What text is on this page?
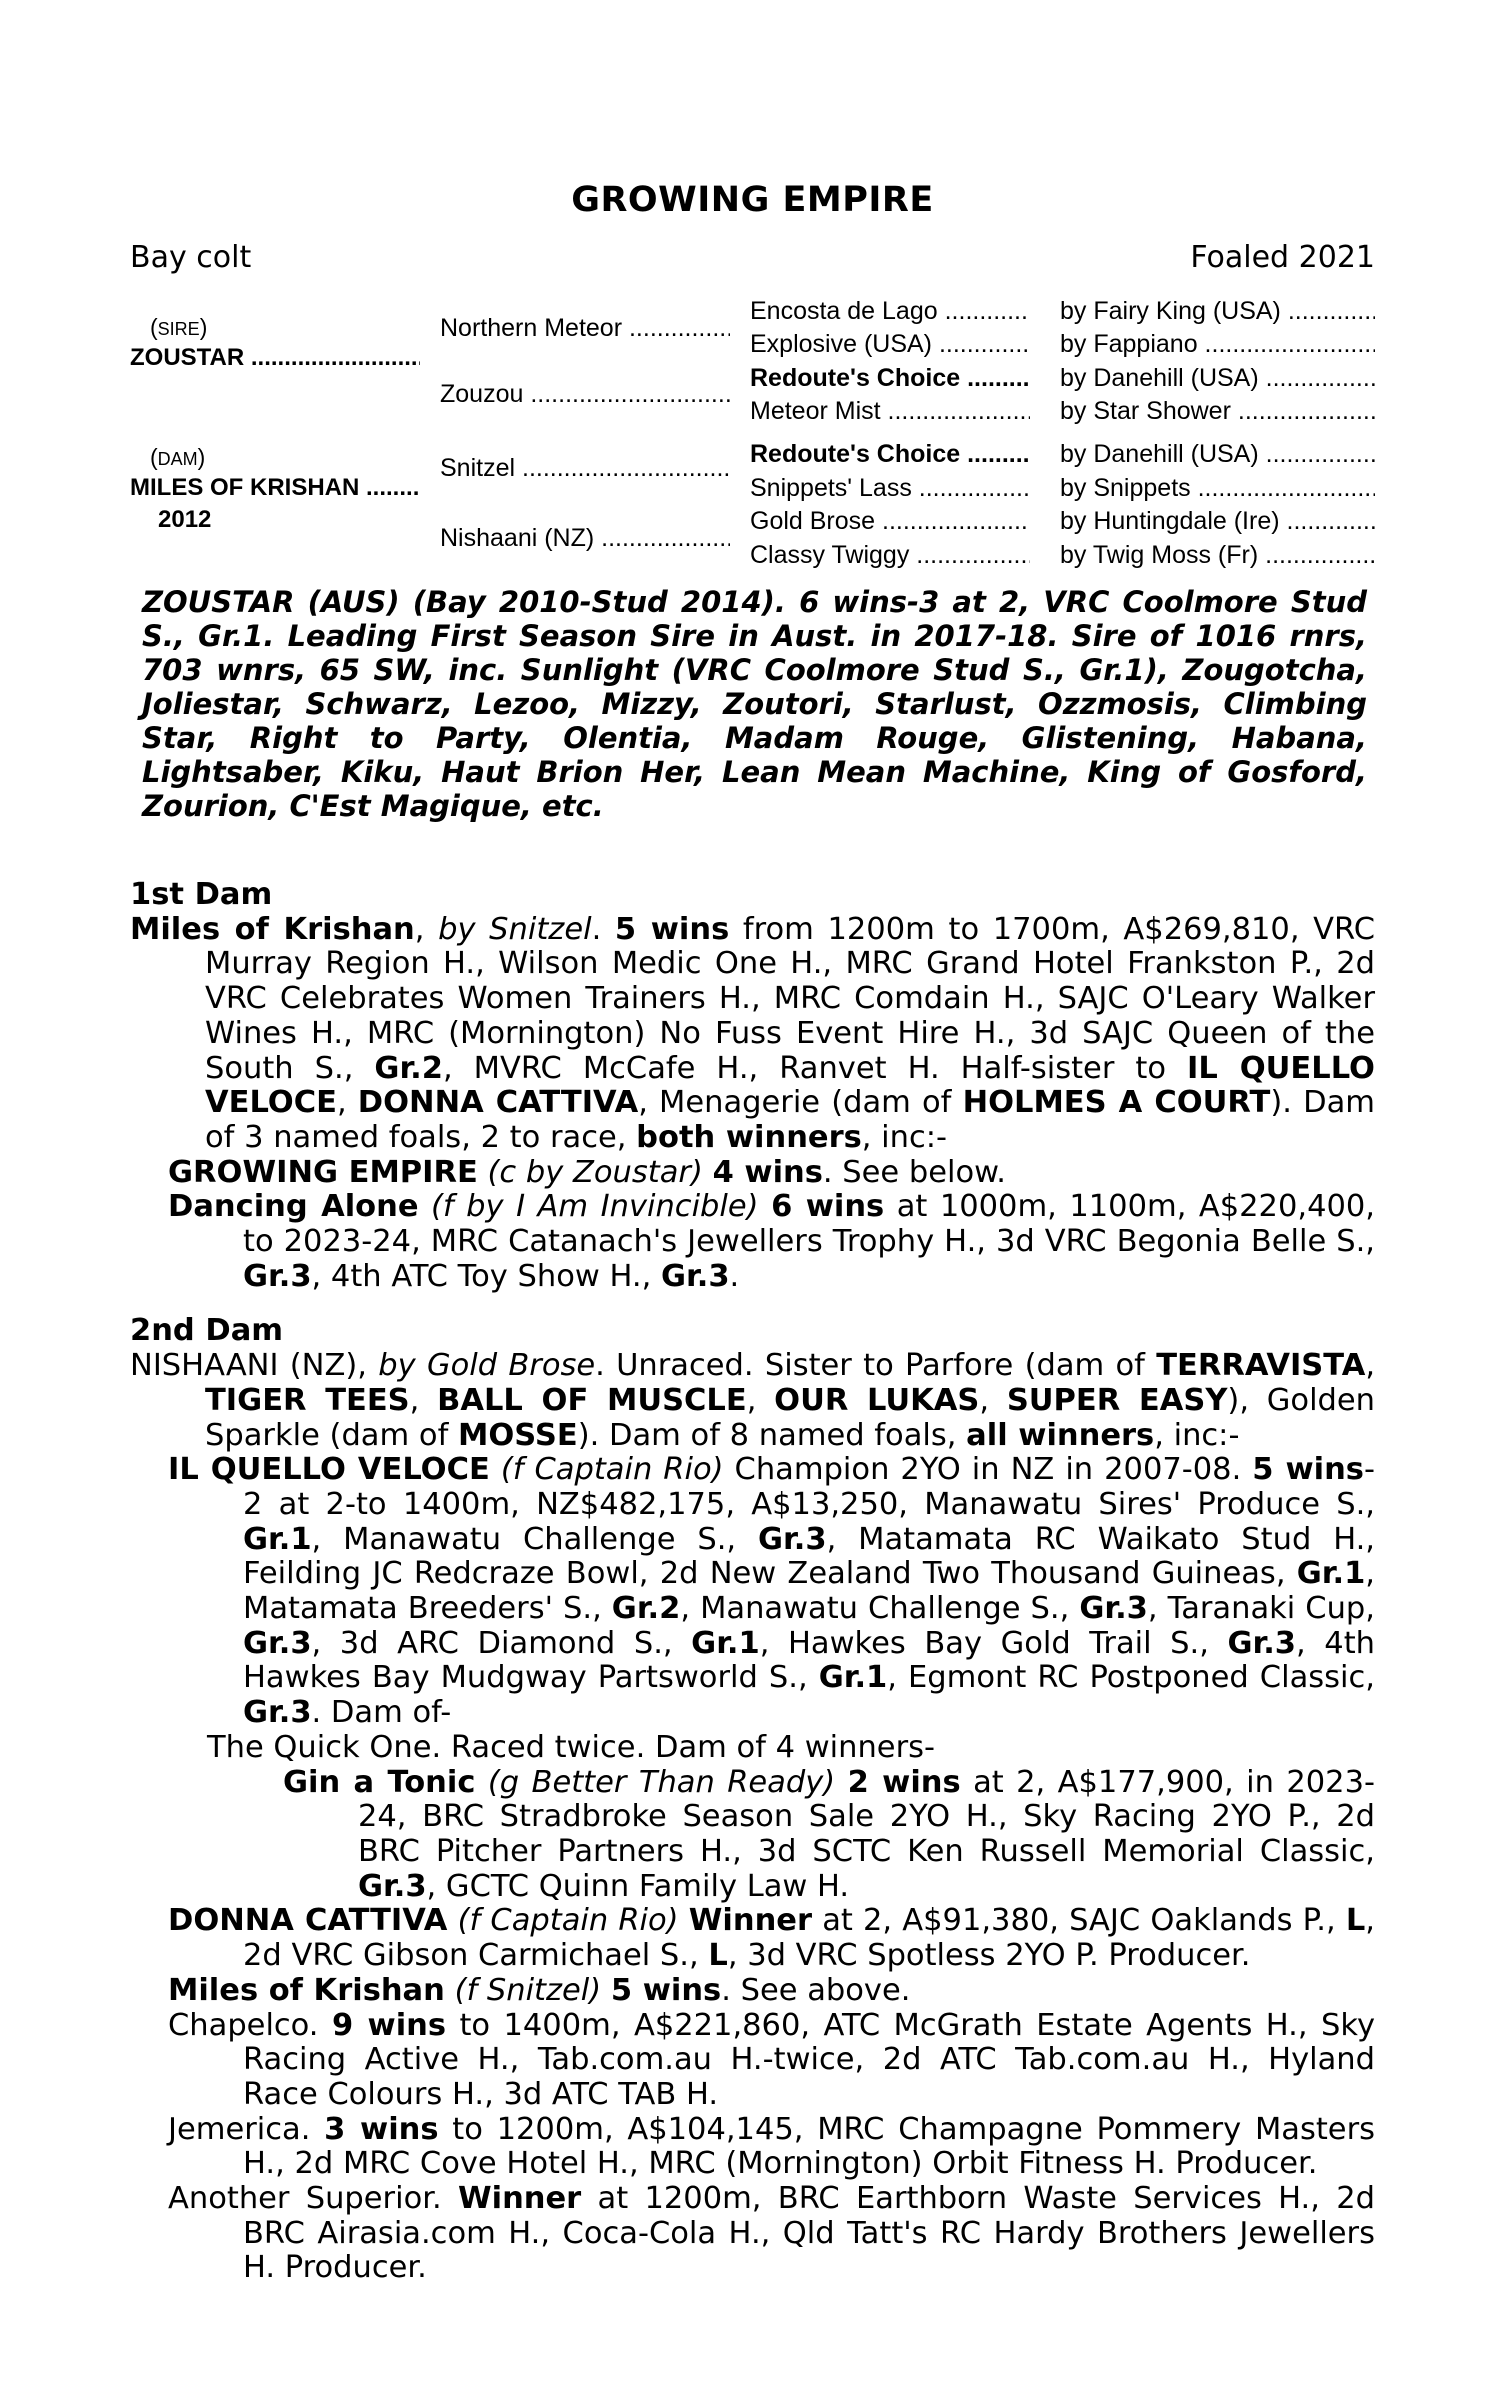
GROWING EMPIRE
Bay colt	Foaled 2021
(SIRE)
ZOUSTAR .....
(DAM)
MILES OF KRISHAN .....
2012
Northern Meteor .....
Zouzou .....
Snitzel .....
Nishaani (NZ) .....
Encosta de Lago .....
Explosive (USA) .....
Redoute's Choice .....
Meteor Mist .....
Redoute's Choice .....
Snippets' Lass .....
Gold Brose .....
Classy Twiggy .....
by Fairy King (USA) .....
by Fappiano .....
by Danehill (USA) .....
by Star Shower .....
by Danehill (USA) .....
by Snippets .....
by Huntingdale (Ire) .....
by Twig Moss (Fr) .....
ZOUSTAR (AUS) (Bay 2010-Stud 2014). 6 wins-3 at 2, VRC Coolmore Stud S., Gr.1. Leading First Season Sire in Aust. in 2017-18. Sire of 1016 rnrs, 703 wnrs, 65 SW, inc. Sunlight (VRC Coolmore Stud S., Gr.1), Zougotcha, Joliestar, Schwarz, Lezoo, Mizzy, Zoutori, Starlust, Ozzmosis, Climbing Star, Right to Party, Olentia, Madam Rouge, Glistening, Habana, Lightsaber, Kiku, Haut Brion Her, Lean Mean Machine, King of Gosford, Zourion, C'Est Magique, etc.

1st Dam

Miles of Krishan, by Snitzel. 5 wins from 1200m to 1700m, A$269,810, VRC Murray Region H., Wilson Medic One H., MRC Grand Hotel Frankston P., 2d VRC Celebrates Women Trainers H., MRC Comdain H., SAJC O'Leary Walker Wines H., MRC (Mornington) No Fuss Event Hire H., 3d SAJC Queen of the South S., Gr.2, MVRC McCafe H., Ranvet H. Half-sister to IL QUELLO VELOCE, DONNA CATTIVA, Menagerie (dam of HOLMES A COURT). Dam of 3 named foals, 2 to race, both winners, inc:-

GROWING EMPIRE (c by Zoustar) 4 wins. See below.

Dancing Alone (f by I Am Invincible) 6 wins at 1000m, 1100m, A$220,400, to 2023-24, MRC Catanach's Jewellers Trophy H., 3d VRC Begonia Belle S., Gr.3, 4th ATC Toy Show H., Gr.3.

2nd Dam

NISHAANI (NZ), by Gold Brose. Unraced. Sister to Parfore (dam of TERRAVISTA, TIGER TEES, BALL OF MUSCLE, OUR LUKAS, SUPER EASY), Golden Sparkle (dam of MOSSE). Dam of 8 named foals, all winners, inc:-

IL QUELLO VELOCE (f Captain Rio) Champion 2YO in NZ in 2007-08. 5 wins-2 at 2-to 1400m, NZ$482,175, A$13,250, Manawatu Sires' Produce S., Gr.1, Manawatu Challenge S., Gr.3, Matamata RC Waikato Stud H., Feilding JC Redcraze Bowl, 2d New Zealand Two Thousand Guineas, Gr.1, Matamata Breeders' S., Gr.2, Manawatu Challenge S., Gr.3, Taranaki Cup, Gr.3, 3d ARC Diamond S., Gr.1, Hawkes Bay Gold Trail S., Gr.3, 4th Hawkes Bay Mudgway Partsworld S., Gr.1, Egmont RC Postponed Classic, Gr.3. Dam of-

The Quick One. Raced twice. Dam of 4 winners-

Gin a Tonic (g Better Than Ready) 2 wins at 2, A$177,900, in 2023-24, BRC Stradbroke Season Sale 2YO H., Sky Racing 2YO P., 2d BRC Pitcher Partners H., 3d SCTC Ken Russell Memorial Classic, Gr.3, GCTC Quinn Family Law H.

DONNA CATTIVA (f Captain Rio) Winner at 2, A$91,380, SAJC Oaklands P., L, 2d VRC Gibson Carmichael S., L, 3d VRC Spotless 2YO P. Producer.

Miles of Krishan (f Snitzel) 5 wins. See above.

Chapelco. 9 wins to 1400m, A$221,860, ATC McGrath Estate Agents H., Sky Racing Active H., Tab.com.au H.-twice, 2d ATC Tab.com.au H., Hyland Race Colours H., 3d ATC TAB H.

Jemerica. 3 wins to 1200m, A$104,145, MRC Champagne Pommery Masters H., 2d MRC Cove Hotel H., MRC (Mornington) Orbit Fitness H. Producer.

Another Superior. Winner at 1200m, BRC Earthborn Waste Services H., 2d BRC Airasia.com H., Coca-Cola H., Qld Tatt's RC Hardy Brothers Jewellers H. Producer.
